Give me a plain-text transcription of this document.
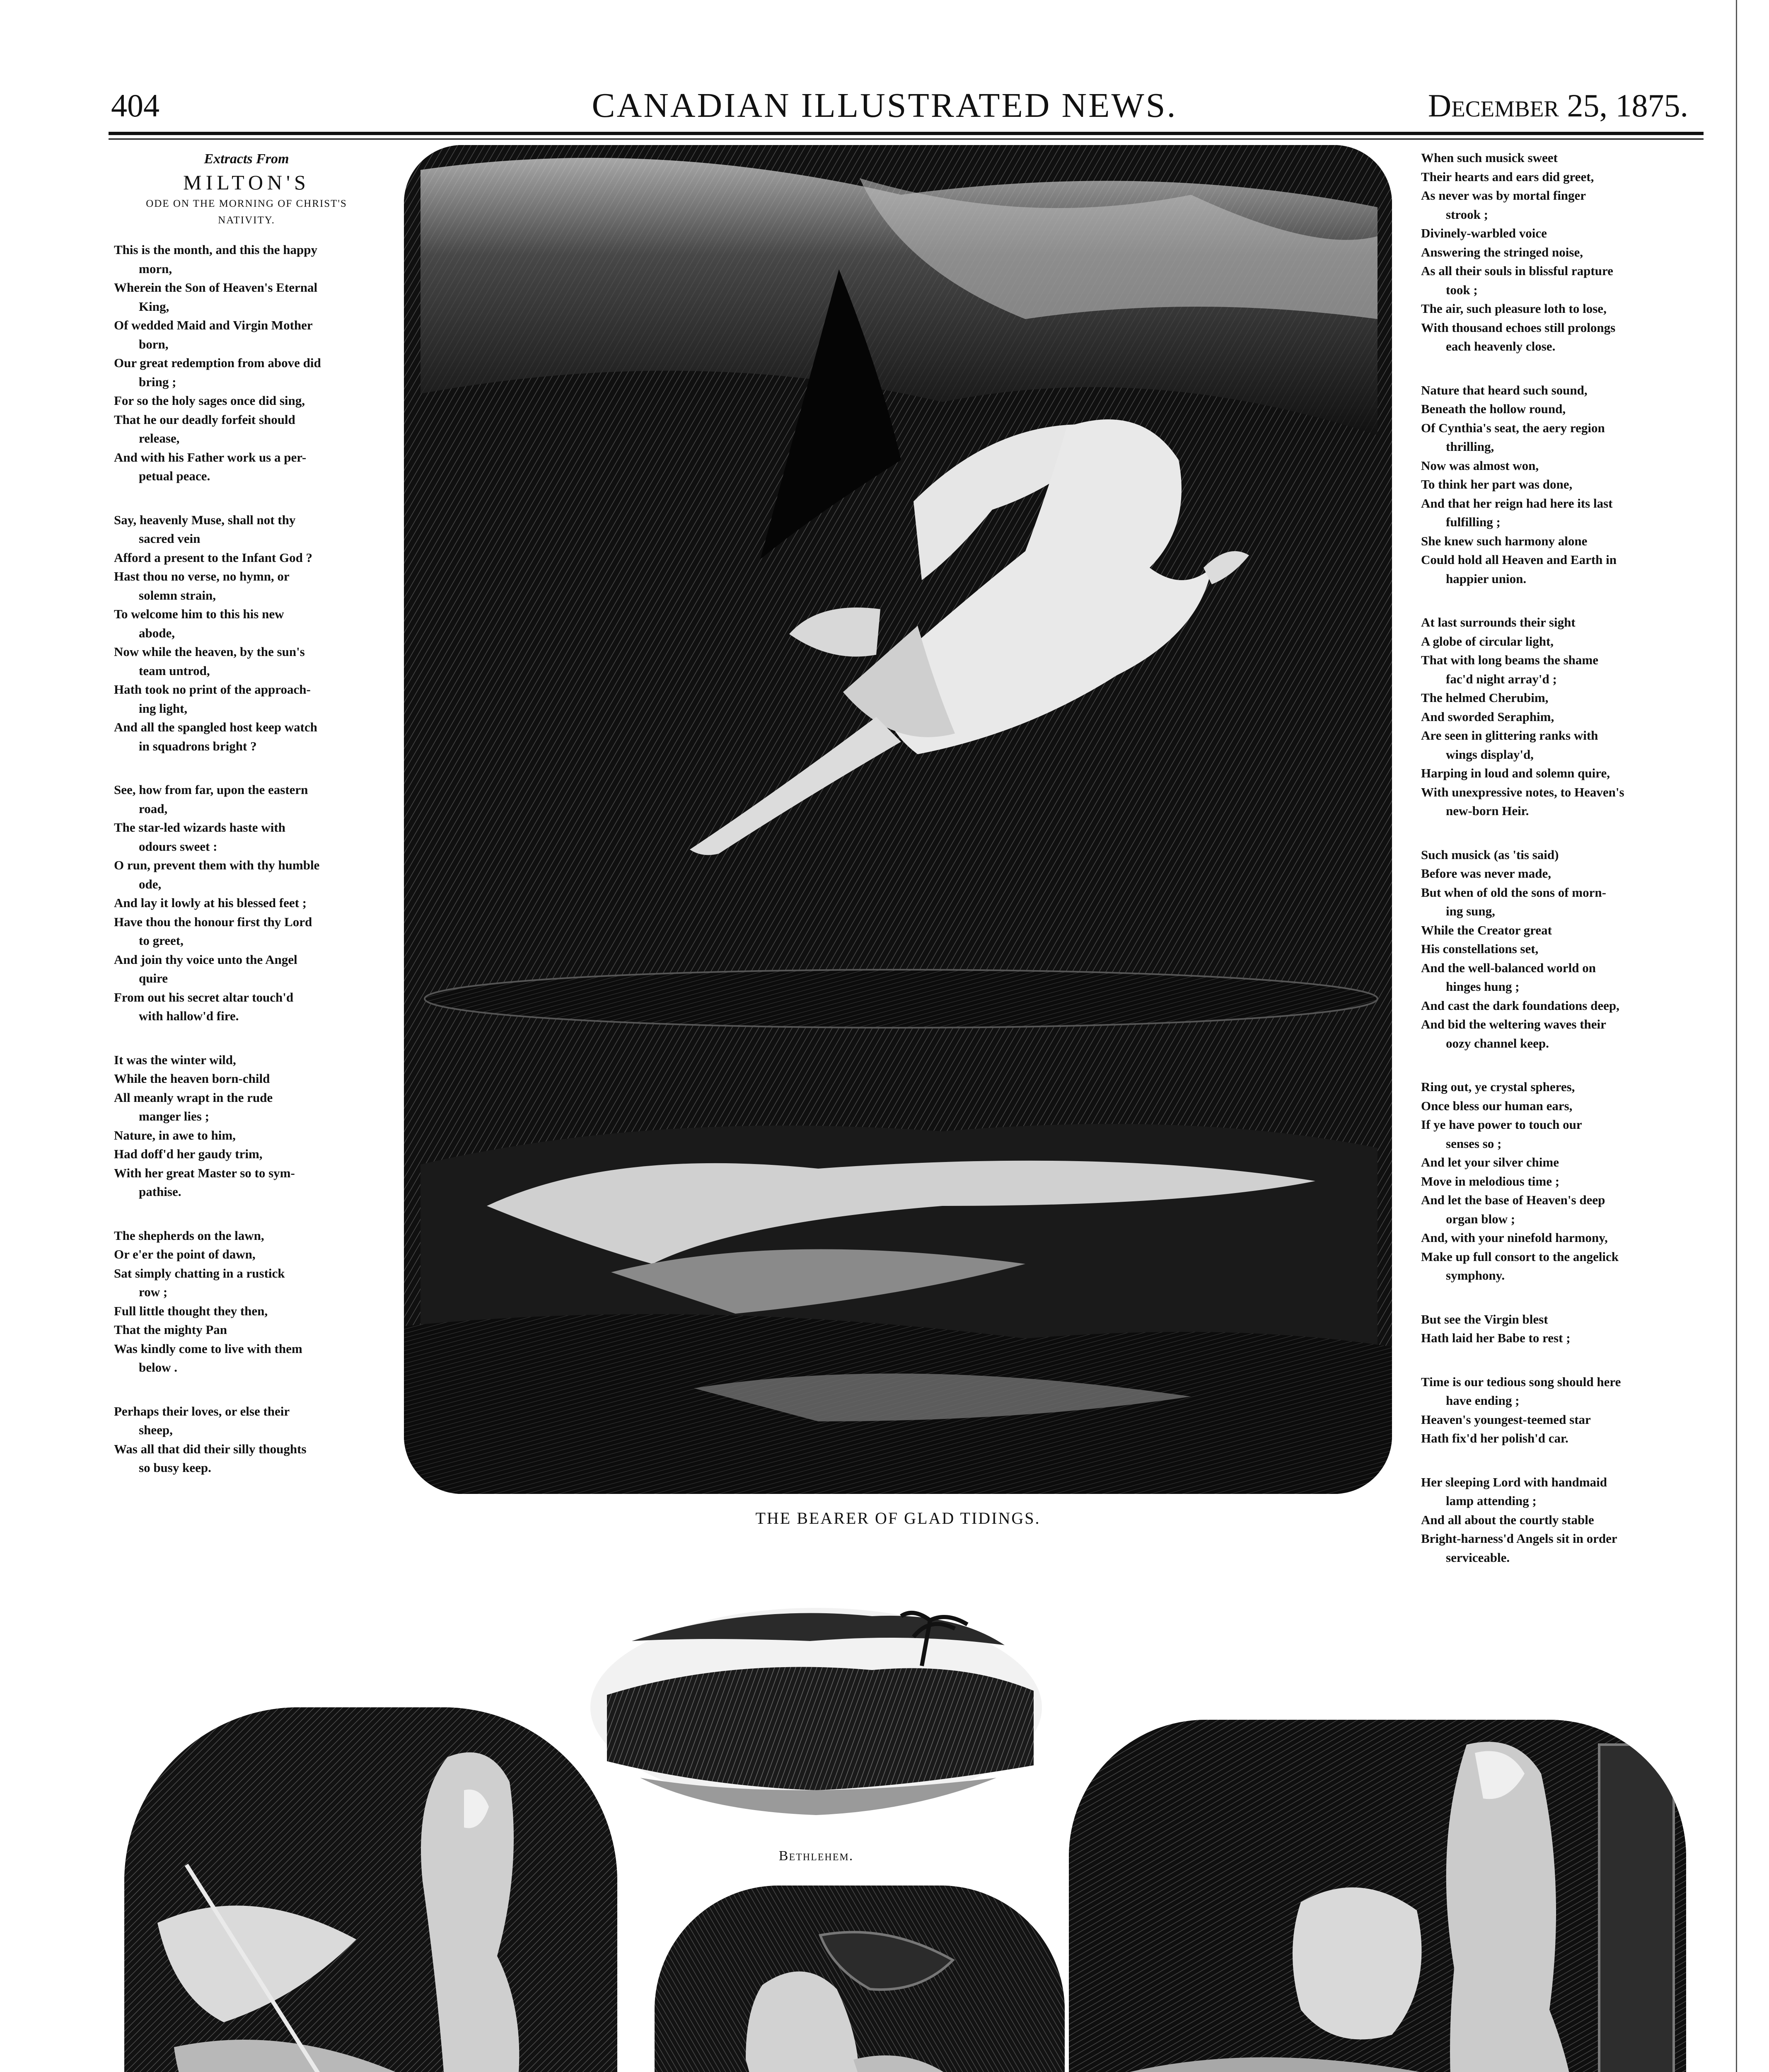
404	CANADIAN ILLUSTRATED NEWS.	December 25, 1875.
Extracts From
MILTON'S
ODE ON THE MORNING OF CHRIST'S
NATIVITY.
This is the month, and this the happy
morn,
Wherein the Son of Heaven's Eternal
King,
Of wedded Maid and Virgin Mother
born,
Our great redemption from above did
bring ;
For so the holy sages once did sing,
That he our deadly forfeit should
release,
And with his Father work us a per-
petual peace.
Say, heavenly Muse, shall not thy
sacred vein
Afford a present to the Infant God ?
Hast thou no verse, no hymn, or
solemn strain,
To welcome him to this his new
abode,
Now while the heaven, by the sun's
team untrod,
Hath took no print of the approach-
ing light,
And all the spangled host keep watch
in squadrons bright ?
See, how from far, upon the eastern
road,
The star-led wizards haste with
odours sweet :
O run, prevent them with thy humble
ode,
And lay it lowly at his blessed feet ;
Have thou the honour first thy Lord
to greet,
And join thy voice unto the Angel
quire
From out his secret altar touch'd
with hallow'd fire.
It was the winter wild,
While the heaven born-child
All meanly wrapt in the rude
manger lies ;
Nature, in awe to him,
Had doff'd her gaudy trim,
With her great Master so to sym-
pathise.
The shepherds on the lawn,
Or e'er the point of dawn,
Sat simply chatting in a rustick
row ;
Full little thought they then,
That the mighty Pan
Was kindly come to live with them
below .
Perhaps their loves, or else their
sheep,
Was all that did their silly thoughts
so busy keep.
THE BEARER OF GLAD TIDINGS.
When such musick sweet
Their hearts and ears did greet,
As never was by mortal finger
strook ;
Divinely-warbled voice
Answering the stringed noise,
As all their souls in blissful rapture
took ;
The air, such pleasure loth to lose,
With thousand echoes still prolongs
each heavenly close.
Nature that heard such sound,
Beneath the hollow round,
Of Cynthia's seat, the aery region
thrilling,
Now was almost won,
To think her part was done,
And that her reign had here its last
fulfilling ;
She knew such harmony alone
Could hold all Heaven and Earth in
happier union.
At last surrounds their sight
A globe of circular light,
That with long beams the shame
fac'd night array'd ;
The helmed Cherubim,
And sworded Seraphim,
Are seen in glittering ranks with
wings display'd,
Harping in loud and solemn quire,
With unexpressive notes, to Heaven's
new-born Heir.
Such musick (as 'tis said)
Before was never made,
But when of old the sons of morn-
ing sung,
While the Creator great
His constellations set,
And the well-balanced world on
hinges hung ;
And cast the dark foundations deep,
And bid the weltering waves their
oozy channel keep.
Ring out, ye crystal spheres,
Once bless our human ears,
If ye have power to touch our
senses so ;
And let your silver chime
Move in melodious time ;
And let the base of Heaven's deep
organ blow ;
And, with your ninefold harmony,
Make up full consort to the angelick
symphony.
But see the Virgin blest
Hath laid her Babe to rest ;
Time is our tedious song should here
have ending ;
Heaven's youngest-teemed star
Hath fix'd her polish'd car.
Her sleeping Lord with handmaid
lamp attending ;
And all about the courtly stable
Bright-harness'd Angels sit in order
serviceable.
Bethlehem.
